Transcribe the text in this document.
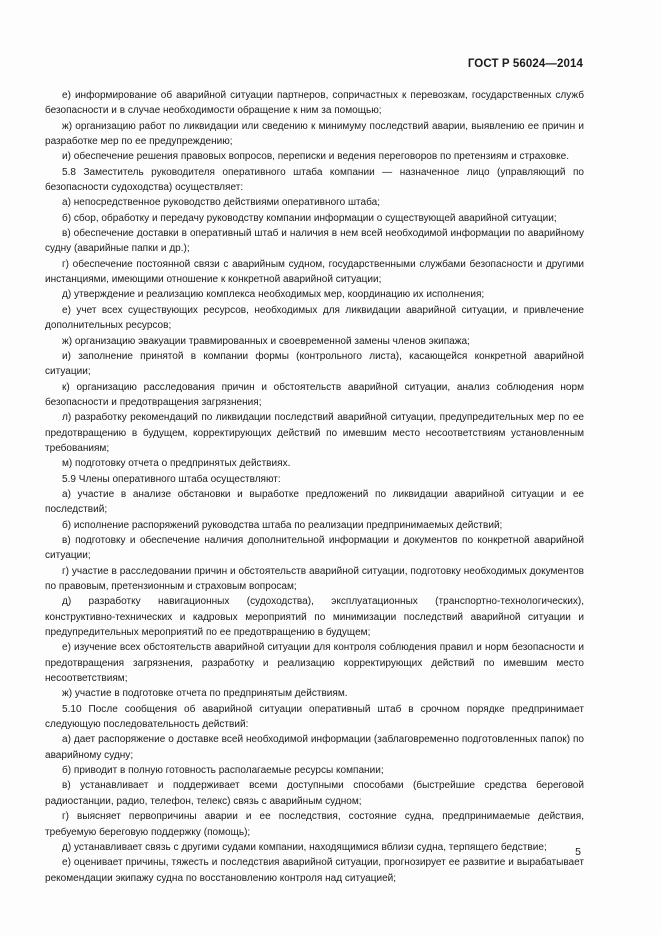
ГОСТ Р 56024—2014

е) информирование об аварийной ситуации партнеров, сопричастных к перевозкам, государственных служб безопасности и в случае необходимости обращение к ним за помощью;

ж) организацию работ по ликвидации или сведению к минимуму последствий аварии, выявлению ее причин и разработке мер по ее предупреждению;

и) обеспечение решения правовых вопросов, переписки и ведения переговоров по претензиям и страховке.

5.8 Заместитель руководителя оперативного штаба компании — назначенное лицо (управляющий по безопасности судоходства) осуществляет:

а) непосредственное руководство действиями оперативного штаба;

б) сбор, обработку и передачу руководству компании информации о существующей аварийной ситуации;

в) обеспечение доставки в оперативный штаб и наличия в нем всей необходимой информации по аварийному судну (аварийные папки и др.);

г) обеспечение постоянной связи с аварийным судном, государственными службами безопасности и другими инстанциями, имеющими отношение к конкретной аварийной ситуации;

д) утверждение и реализацию комплекса необходимых мер, координацию их исполнения;

е) учет всех существующих ресурсов, необходимых для ликвидации аварийной ситуации, и привлечение дополнительных ресурсов;

ж) организацию эвакуации травмированных и своевременной замены членов экипажа;

и) заполнение принятой в компании формы (контрольного листа), касающейся конкретной аварийной ситуации;

к) организацию расследования причин и обстоятельств аварийной ситуации, анализ соблюдения норм безопасности и предотвращения загрязнения;

л) разработку рекомендаций по ликвидации последствий аварийной ситуации, предупредительных мер по ее предотвращению в будущем, корректирующих действий по имевшим место несоответствиям установленным требованиям;

м) подготовку отчета о предпринятых действиях.

5.9 Члены оперативного штаба осуществляют:

а) участие в анализе обстановки и выработке предложений по ликвидации аварийной ситуации и ее последствий;

б) исполнение распоряжений руководства штаба по реализации предпринимаемых действий;

в) подготовку и обеспечение наличия дополнительной информации и документов по конкретной аварийной ситуации;

г) участие в расследовании причин и обстоятельств аварийной ситуации, подготовку необходимых документов по правовым, претензионным и страховым вопросам;

д) разработку навигационных (судоходства), эксплуатационных (транспортно-технологических), конструктивно-технических и кадровых мероприятий по минимизации последствий аварийной ситуации и предупредительных мероприятий по ее предотвращению в будущем;

е) изучение всех обстоятельств аварийной ситуации для контроля соблюдения правил и норм безопасности и предотвращения загрязнения, разработку и реализацию корректирующих действий по имевшим место несоответствиям;

ж) участие в подготовке отчета по предпринятым действиям.

5.10 После сообщения об аварийной ситуации оперативный штаб в срочном порядке предпринимает следующую последовательность действий:

а) дает распоряжение о доставке всей необходимой информации (заблаговременно подготовленных папок) по аварийному судну;

б) приводит в полную готовность располагаемые ресурсы компании;

в) устанавливает и поддерживает всеми доступными способами (быстрейшие средства береговой радиостанции, радио, телефон, телекс) связь с аварийным судном;

г) выясняет первопричины аварии и ее последствия, состояние судна, предпринимаемые действия, требуемую береговую поддержку (помощь);

д) устанавливает связь с другими судами компании, находящимися вблизи судна, терпящего бедствие;

е) оценивает причины, тяжесть и последствия аварийной ситуации, прогнозирует ее развитие и вырабатывает рекомендации экипажу судна по восстановлению контроля над ситуацией;

5
